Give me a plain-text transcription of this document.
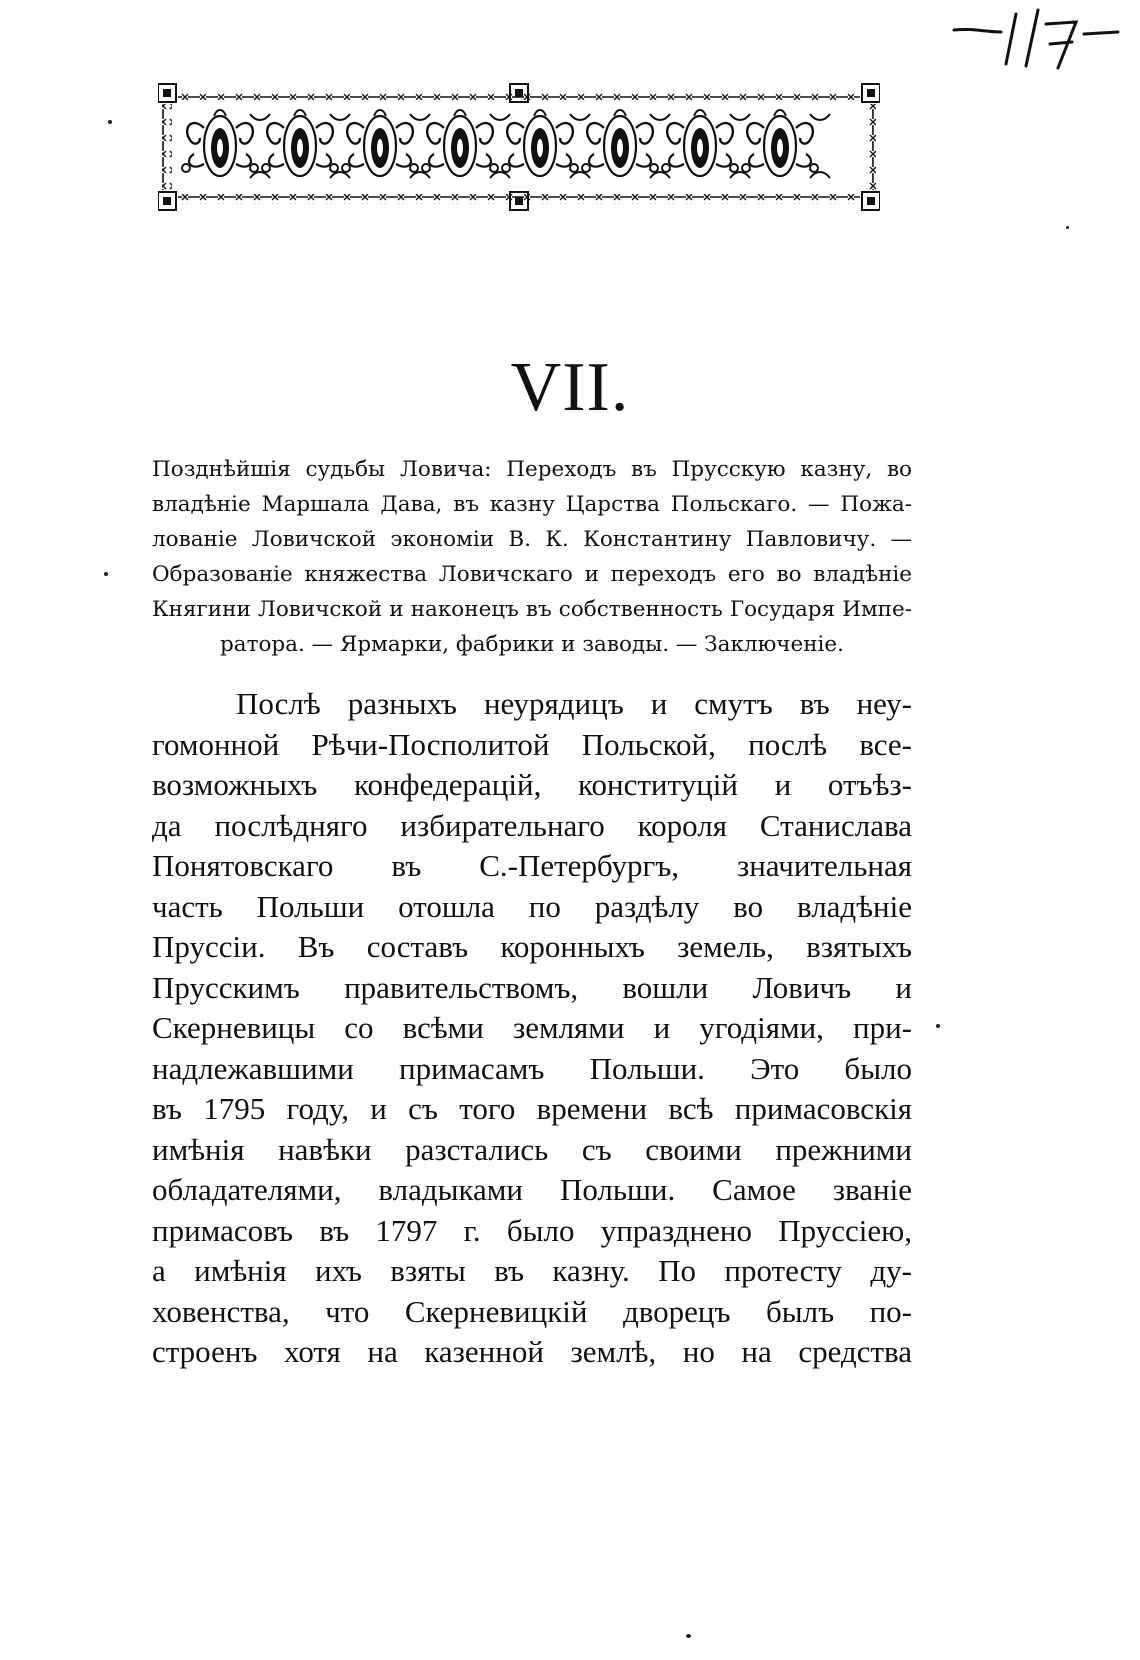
VII.
Позднѣйшія судьбы Ловича: Переходъ въ Прусскую казну, во
владѣніе Маршала Дава, въ казну Царства Польскаго. — Пожа-
лованіе Ловичской экономіи В. К. Константину Павловичу. —
Образованіе княжества Ловичскаго и переходъ его во владѣніе
Княгини Ловичской и наконецъ въ собственность Государя Импе-
ратора. — Ярмарки, фабрики и заводы. — Заключеніе.
Послѣ разныхъ неурядицъ и смутъ въ неу-
гомонной Рѣчи-Посполитой Польской, послѣ все-
возможныхъ конфедерацій, конституцій и отъѣз-
да послѣдняго избирательнаго короля Станислава
Понятовскаго въ С.-Петербургъ, значительная
часть Польши отошла по раздѣлу во владѣніе
Пруссіи. Въ составъ коронныхъ земель, взятыхъ
Прусскимъ правительствомъ, вошли Ловичъ и
Скерневицы со всѣми землями и угодіями, при-
надлежавшими примасамъ Польши. Это было
въ 1795 году, и съ того времени всѣ примасовскія
имѣнія навѣки разстались съ своими прежними
обладателями, владыками Польши. Самое званіе
примасовъ въ 1797 г. было упразднено Пруссіею,
а имѣнія ихъ взяты въ казну. По протесту ду-
ховенства, что Скерневицкій дворецъ былъ по-
строенъ хотя на казенной землѣ, но на средства
